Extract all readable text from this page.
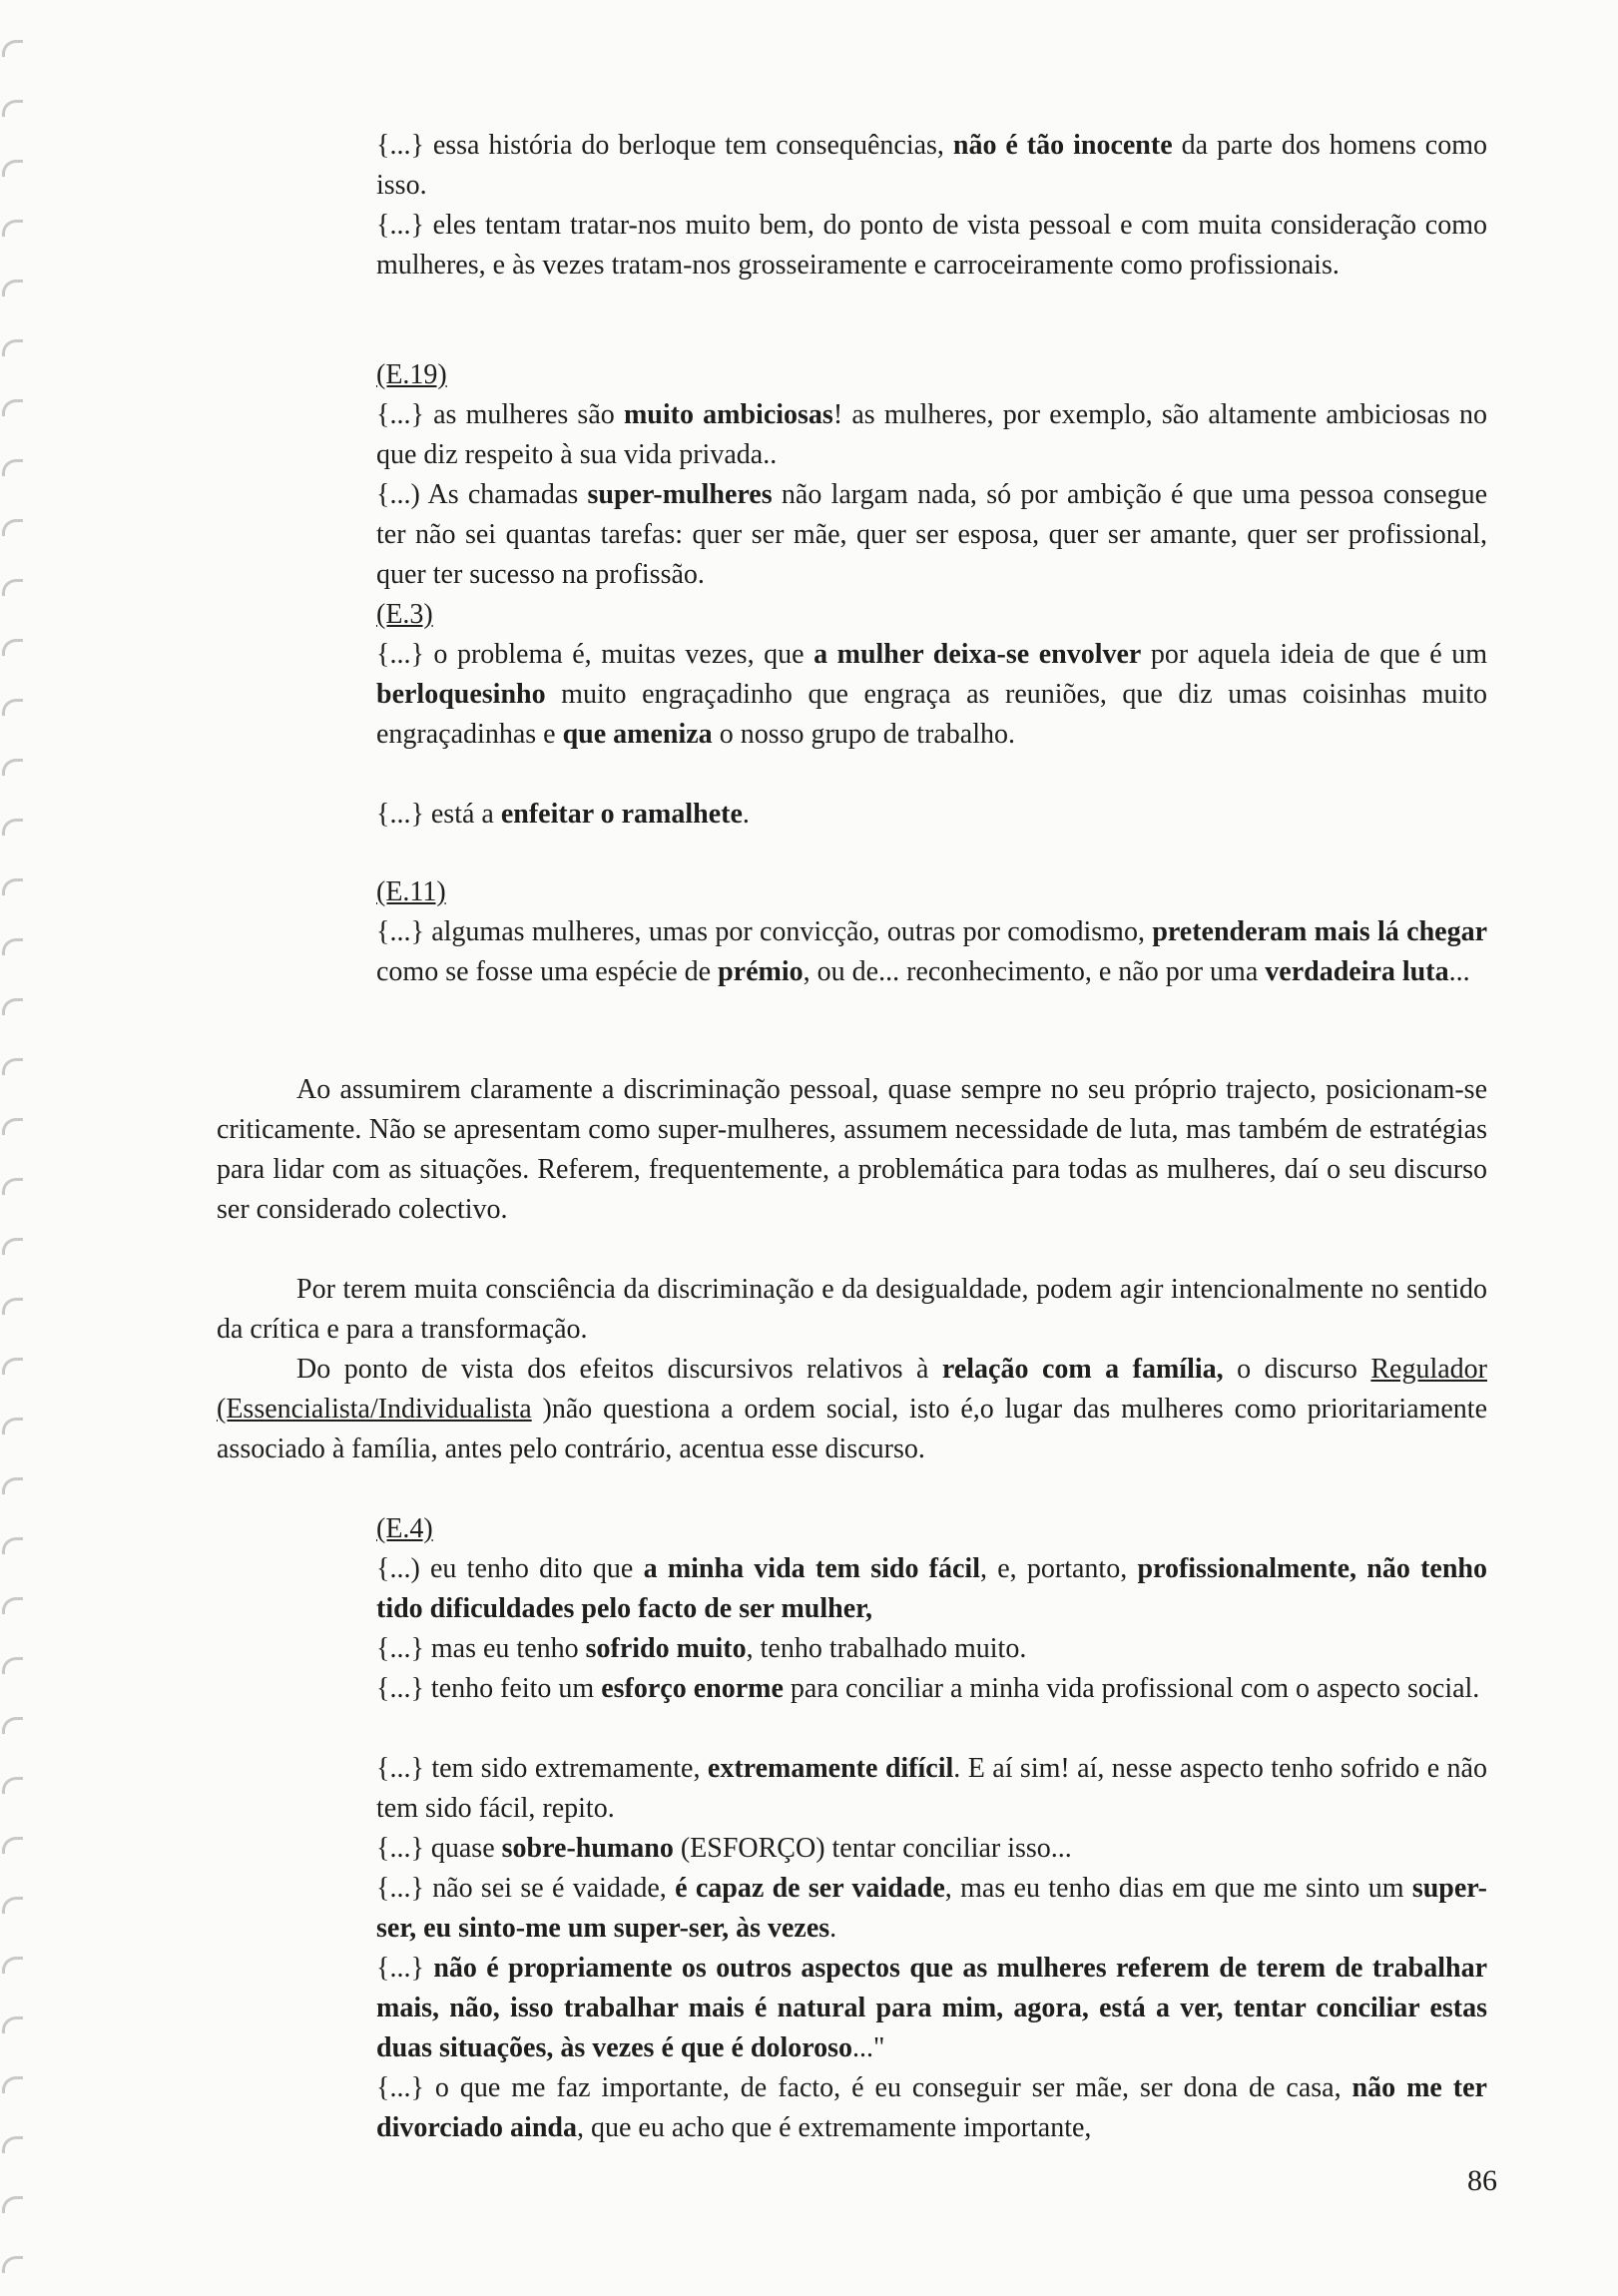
{...} essa história do berloque tem consequências, não é tão inocente da parte dos homens como isso.

{...} eles tentam tratar-nos muito bem, do ponto de vista pessoal e com muita consideração como mulheres, e às vezes tratam-nos grosseiramente e carroceiramente como profissionais.

(E.19)

{...} as mulheres são muito ambiciosas! as mulheres, por exemplo, são altamente ambiciosas no que diz respeito à sua vida privada..

{...) As chamadas super-mulheres não largam nada, só por ambição é que uma pessoa consegue ter não sei quantas tarefas: quer ser mãe, quer ser esposa, quer ser amante, quer ser profissional, quer ter sucesso na profissão.

(E.3)

{...} o problema é, muitas vezes, que a mulher deixa-se envolver por aquela ideia de que é um berloquesinho muito engraçadinho que engraça as reuniões, que diz umas coisinhas muito engraçadinhas e que ameniza o nosso grupo de trabalho.

{...} está a enfeitar o ramalhete.

(E.11)

{...} algumas mulheres, umas por convicção, outras por comodismo, pretenderam mais lá chegar como se fosse uma espécie de prémio, ou de... reconhecimento, e não por uma verdadeira luta...

Ao assumirem claramente a discriminação pessoal, quase sempre no seu próprio trajecto, posicionam-se criticamente. Não se apresentam como super-mulheres, assumem necessidade de luta, mas também de estratégias para lidar com as situações. Referem, frequentemente, a problemática para todas as mulheres, daí o seu discurso ser considerado colectivo.

Por terem muita consciência da discriminação e da desigualdade, podem agir intencionalmente no sentido da crítica e para a transformação.

Do ponto de vista dos efeitos discursivos relativos à relação com a família, o discurso Regulador (Essencialista/Individualista )não questiona a ordem social, isto é,o lugar das mulheres como prioritariamente associado à família, antes pelo contrário, acentua esse discurso.

(E.4)

{...) eu tenho dito que a minha vida tem sido fácil, e, portanto, profissionalmente, não tenho tido dificuldades pelo facto de ser mulher,

{...} mas eu tenho sofrido muito, tenho trabalhado muito.

{...} tenho feito um esforço enorme para conciliar a minha vida profissional com o aspecto social.

{...} tem sido extremamente, extremamente difícil. E aí sim! aí, nesse aspecto tenho sofrido e não tem sido fácil, repito.

{...} quase sobre-humano (ESFORÇO) tentar conciliar isso...

{...} não sei se é vaidade, é capaz de ser vaidade, mas eu tenho dias em que me sinto um super-ser, eu sinto-me um super-ser, às vezes.

{...} não é propriamente os outros aspectos que as mulheres referem de terem de trabalhar mais, não, isso trabalhar mais é natural para mim, agora, está a ver, tentar conciliar estas duas situações, às vezes é que é doloroso..."

{...} o que me faz importante, de facto, é eu conseguir ser mãe, ser dona de casa, não me ter divorciado ainda, que eu acho que é extremamente importante,

86
